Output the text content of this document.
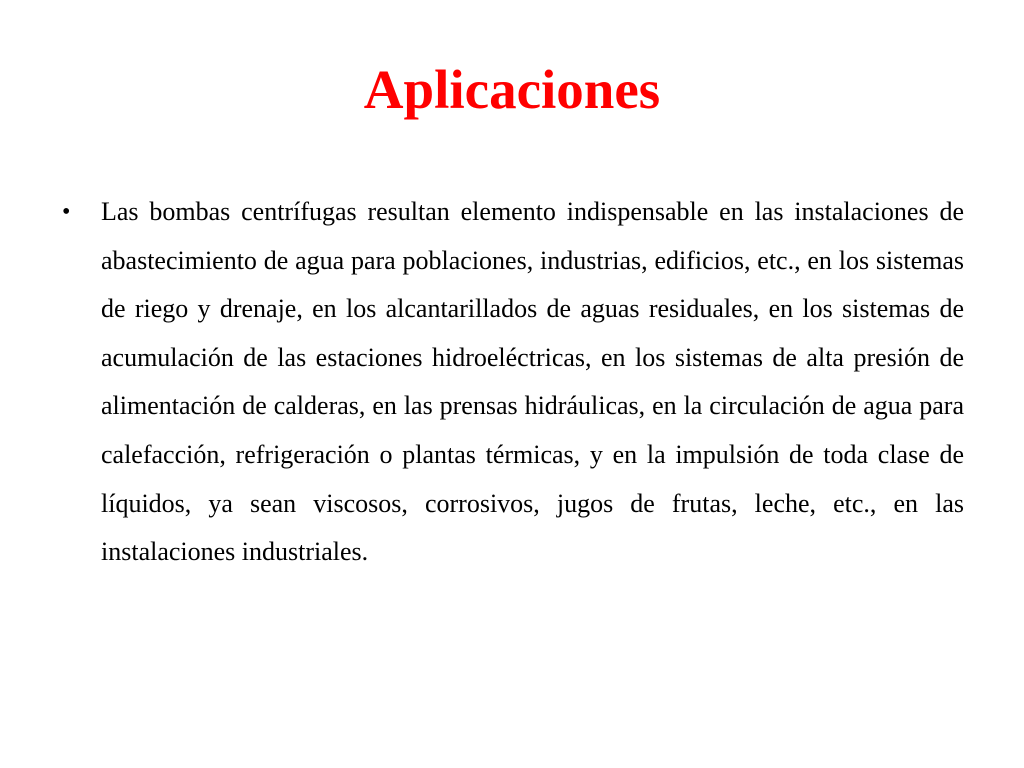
Aplicaciones
• Las bombas centrífugas resultan elemento indispensable en las instalaciones de abastecimiento de agua para poblaciones, industrias, edificios, etc., en los sistemas de riego y drenaje, en los alcantarillados de aguas residuales, en los sistemas de acumulación de las estaciones hidroeléctricas, en los sistemas de alta presión de alimentación de calderas, en las prensas hidráulicas, en la circulación de agua para calefacción, refrigeración o plantas térmicas, y en la impulsión de toda clase de líquidos, ya sean viscosos, corrosivos, jugos de frutas, leche, etc., en las instalaciones industriales.
